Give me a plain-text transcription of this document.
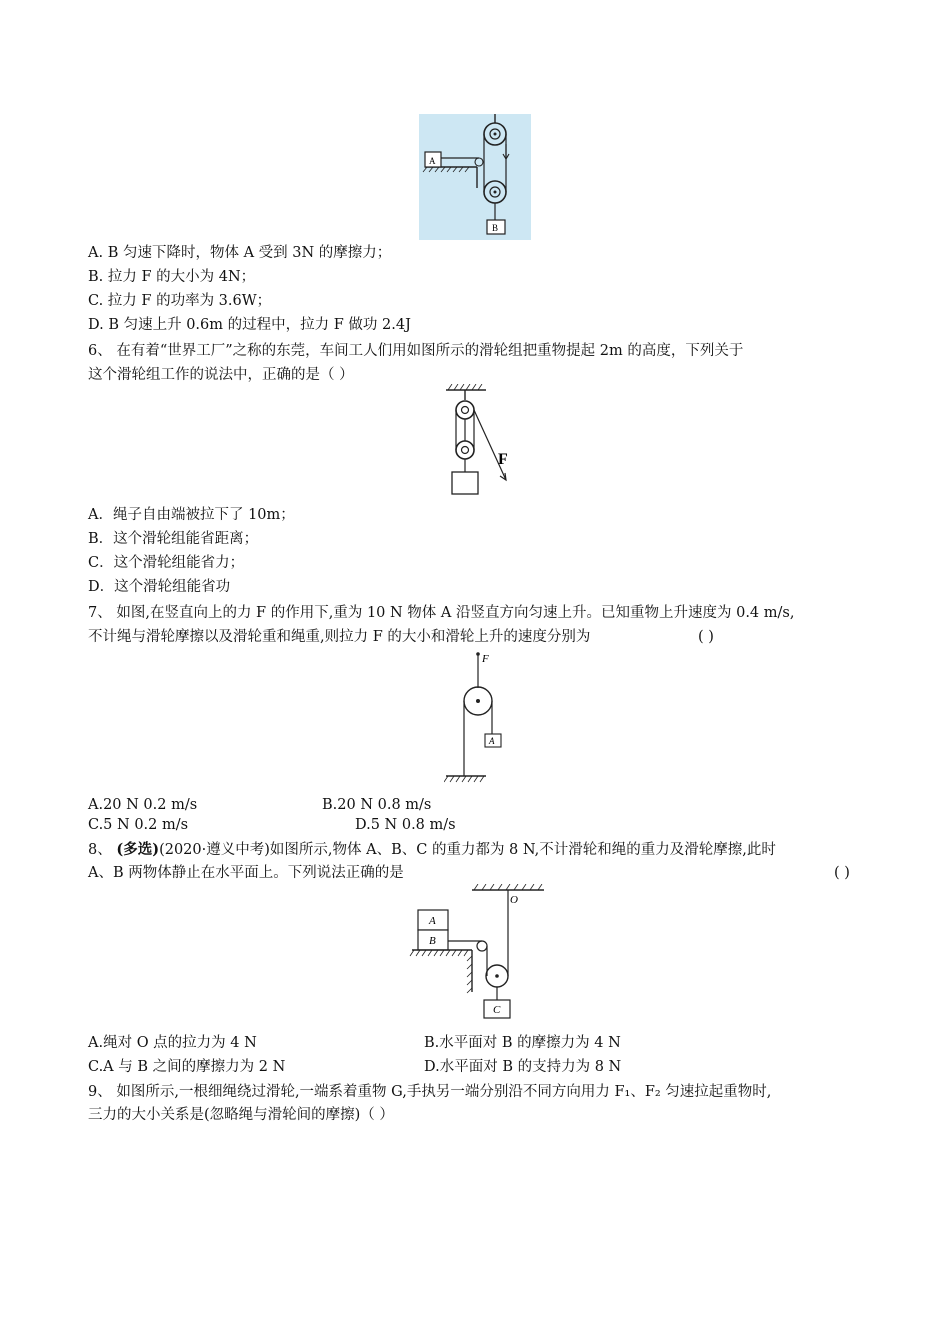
A
B
A. B 匀速下降时，物体 A 受到 3N 的摩擦力；
B. 拉力 F 的大小为 4N；
C. 拉力 F 的功率为 3.6W；
D. B 匀速上升 0.6m 的过程中，拉力 F 做功 2.4J
6、 在有着“世界工厂”之称的东莞，车间工人们用如图所示的滑轮组把重物提起 2m 的高度，下列关于
这个滑轮组工作的说法中，正确的是（ ）
F
A．绳子自由端被拉下了 10m；
B．这个滑轮组能省距离；
C．这个滑轮组能省力；
D．这个滑轮组能省功
7、 如图,在竖直向上的力 F 的作用下,重为 10 N 物体 A 沿竖直方向匀速上升。已知重物上升速度为 0.4 m/s,
不计绳与滑轮摩擦以及滑轮重和绳重,则拉力 F 的大小和滑轮上升的速度分别为	( )
F
A
A.20 N 0.2 m/s	B.20 N 0.8 m/s
C.5 N 0.2 m/s	D.5 N 0.8 m/s
8、 (多选)(2020·遵义中考)如图所示,物体 A、B、C 的重力都为 8 N,不计滑轮和绳的重力及滑轮摩擦,此时
A、B 两物体静止在水平面上。下列说法正确的是	( )
O
A
B
C
A.绳对 O 点的拉力为 4 N	B.水平面对 B 的摩擦力为 4 N
C.A 与 B 之间的摩擦力为 2 N	D.水平面对 B 的支持力为 8 N
9、 如图所示,一根细绳绕过滑轮,一端系着重物 G,手执另一端分别沿不同方向用力 F₁、F₂ 匀速拉起重物时,
三力的大小关系是(忽略绳与滑轮间的摩擦)（ ）
